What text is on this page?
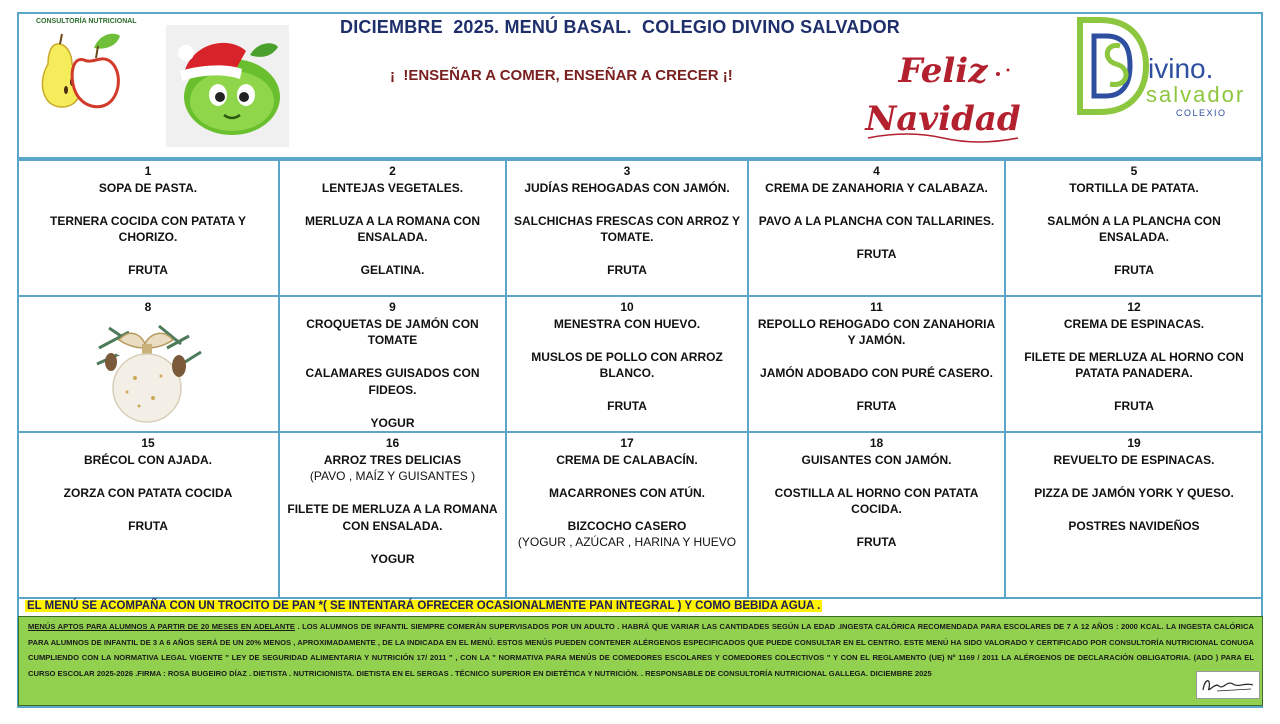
CONSULTORÍA NUTRICIONAL	DICIEMBRE  2025. MENÚ BASAL.  COLEGIO DIVINO SALVADOR
¡  !ENSEÑAR A COMER, ENSEÑAR A CRECER ¡!	Feliz
Navidad
ivino.
salvador
COLEXIO
1
SOPA DE PASTA.
TERNERA COCIDA CON PATATA Y CHORIZO.
FRUTA
2
LENTEJAS VEGETALES.
MERLUZA A LA ROMANA CON ENSALADA.
GELATINA.
3
JUDÍAS REHOGADAS CON JAMÓN.
SALCHICHAS FRESCAS CON ARROZ Y TOMATE.
FRUTA
4
CREMA DE ZANAHORIA Y CALABAZA.
PAVO A LA PLANCHA CON TALLARINES.
FRUTA
5
TORTILLA DE PATATA.
SALMÓN A LA PLANCHA CON ENSALADA.
FRUTA
8	9
CROQUETAS DE JAMÓN CON TOMATE
CALAMARES GUISADOS CON FIDEOS.
YOGUR
10
MENESTRA CON HUEVO.
MUSLOS DE POLLO CON ARROZ BLANCO.
FRUTA
11
REPOLLO REHOGADO CON ZANAHORIA Y JAMÓN.
JAMÓN ADOBADO CON PURÉ CASERO.
FRUTA
12
CREMA DE ESPINACAS.
FILETE DE MERLUZA AL HORNO CON PATATA PANADERA.
FRUTA
15
BRÉCOL CON AJADA.
ZORZA CON PATATA COCIDA
FRUTA
16
ARROZ TRES DELICIAS
(PAVO , MAÍZ Y GUISANTES )
FILETE DE MERLUZA A LA ROMANA CON ENSALADA.
YOGUR
17
CREMA DE CALABACÍN.
MACARRONES CON ATÚN.
BIZCOCHO CASERO
(YOGUR , AZÚCAR , HARINA Y HUEVO
18
GUISANTES CON JAMÓN.
COSTILLA AL HORNO CON PATATA COCIDA.
FRUTA
19
REVUELTO DE ESPINACAS.
PIZZA DE JAMÓN YORK Y QUESO.
POSTRES NAVIDEÑOS
EL MENÚ SE ACOMPAÑA CON UN TROCITO DE PAN *( SE INTENTARÁ OFRECER OCASIONALMENTE PAN INTEGRAL ) Y COMO BEBIDA AGUA .
MENÚS APTOS PARA ALUMNOS A PARTIR DE 20 MESES EN ADELANTE . LOS ALUMNOS DE INFANTIL SIEMPRE COMERÁN SUPERVISADOS POR UN ADULTO . HABRÁ QUE VARIAR LAS CANTIDADES SEGÚN LA EDAD .INGESTA CALÓRICA RECOMENDADA PARA ESCOLARES DE 7 A 12 AÑOS : 2000 KCAL. LA INGESTA CALÓRICA PARA ALUMNOS DE INFANTIL DE 3 A 6 AÑOS SERÁ DE UN 20% MENOS , APROXIMADAMENTE , DE LA INDICADA EN EL MENÚ. ESTOS MENÚS PUEDEN CONTENER ALÉRGENOS ESPECIFICADOS QUE PUEDE CONSULTAR EN EL CENTRO. ESTE MENÚ HA SIDO VALORADO Y CERTIFICADO POR CONSULTORÍA NUTRICIONAL CONUGA CUMPLIENDO CON LA NORMATIVA LEGAL VIGENTE " LEY DE SEGURIDAD ALIMENTARIA Y NUTRICIÓN 17/ 2011 " , CON LA " NORMATIVA PARA MENÚS DE COMEDORES ESCOLARES Y COMEDORES COLECTIVOS " Y CON EL REGLAMENTO (UE) Nº 1169 / 2011 LA ALÉRGENOS DE DECLARACIÓN OBLIGATORIA. (ADO ) PARA EL CURSO ESCOLAR 2025-2026 .FIRMA : ROSA BUGEIRO DÍAZ . DIETISTA . NUTRICIONISTA. DIETISTA EN EL SERGAS . TÉCNICO SUPERIOR EN DIETÉTICA Y NUTRICIÓN. . RESPONSABLE DE CONSULTORÍA NUTRICIONAL GALLEGA. DICIEMBRE 2025
